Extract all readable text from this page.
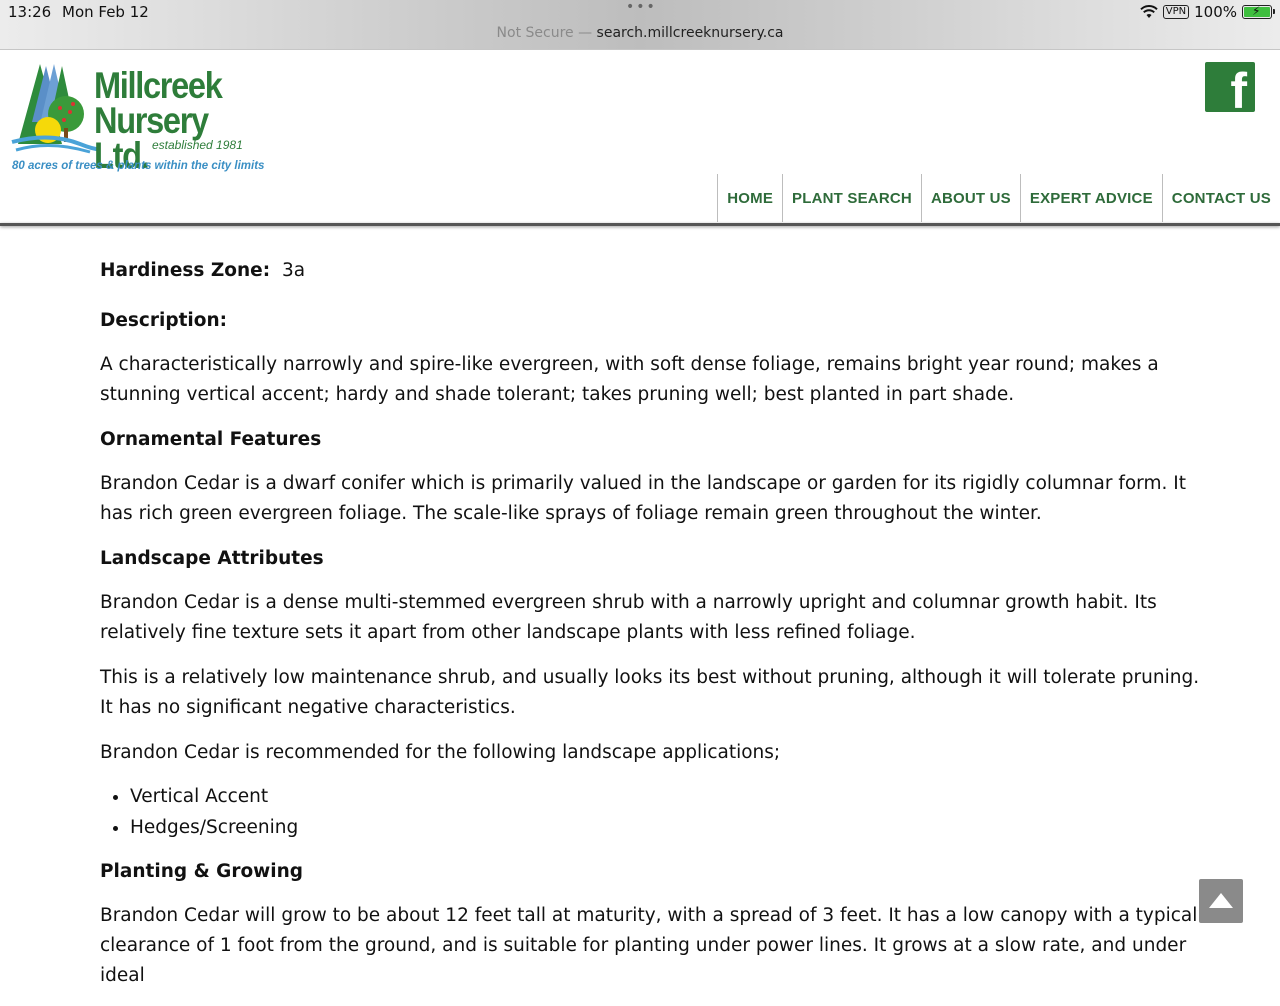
13:26 Mon Feb 12	•••
Not Secure — search.millcreeknursery.ca
VPN 100% ⚡
Millcreek
Nursery Ltd. established 1981
80 acres of trees & plants within the city limits
f
HOME	PLANT SEARCH	ABOUT US	EXPERT ADVICE	CONTACT US
Hardiness Zone: 3a
Description:

A characteristically narrowly and spire-like evergreen, with soft dense foliage, remains bright year round; makes a stunning vertical accent; hardy and shade tolerant; takes pruning well; best planted in part shade.

Ornamental Features

Brandon Cedar is a dwarf conifer which is primarily valued in the landscape or garden for its rigidly columnar form. It has rich green evergreen foliage. The scale-like sprays of foliage remain green throughout the winter.

Landscape Attributes

Brandon Cedar is a dense multi-stemmed evergreen shrub with a narrowly upright and columnar growth habit. Its relatively fine texture sets it apart from other landscape plants with less refined foliage.

This is a relatively low maintenance shrub, and usually looks its best without pruning, although it will tolerate pruning. It has no significant negative characteristics.

Brandon Cedar is recommended for the following landscape applications;

• Vertical Accent
• Hedges/Screening
Planting & Growing

Brandon Cedar will grow to be about 12 feet tall at maturity, with a spread of 3 feet. It has a low canopy with a typical clearance of 1 foot from the ground, and is suitable for planting under power lines. It grows at a slow rate, and under ideal
